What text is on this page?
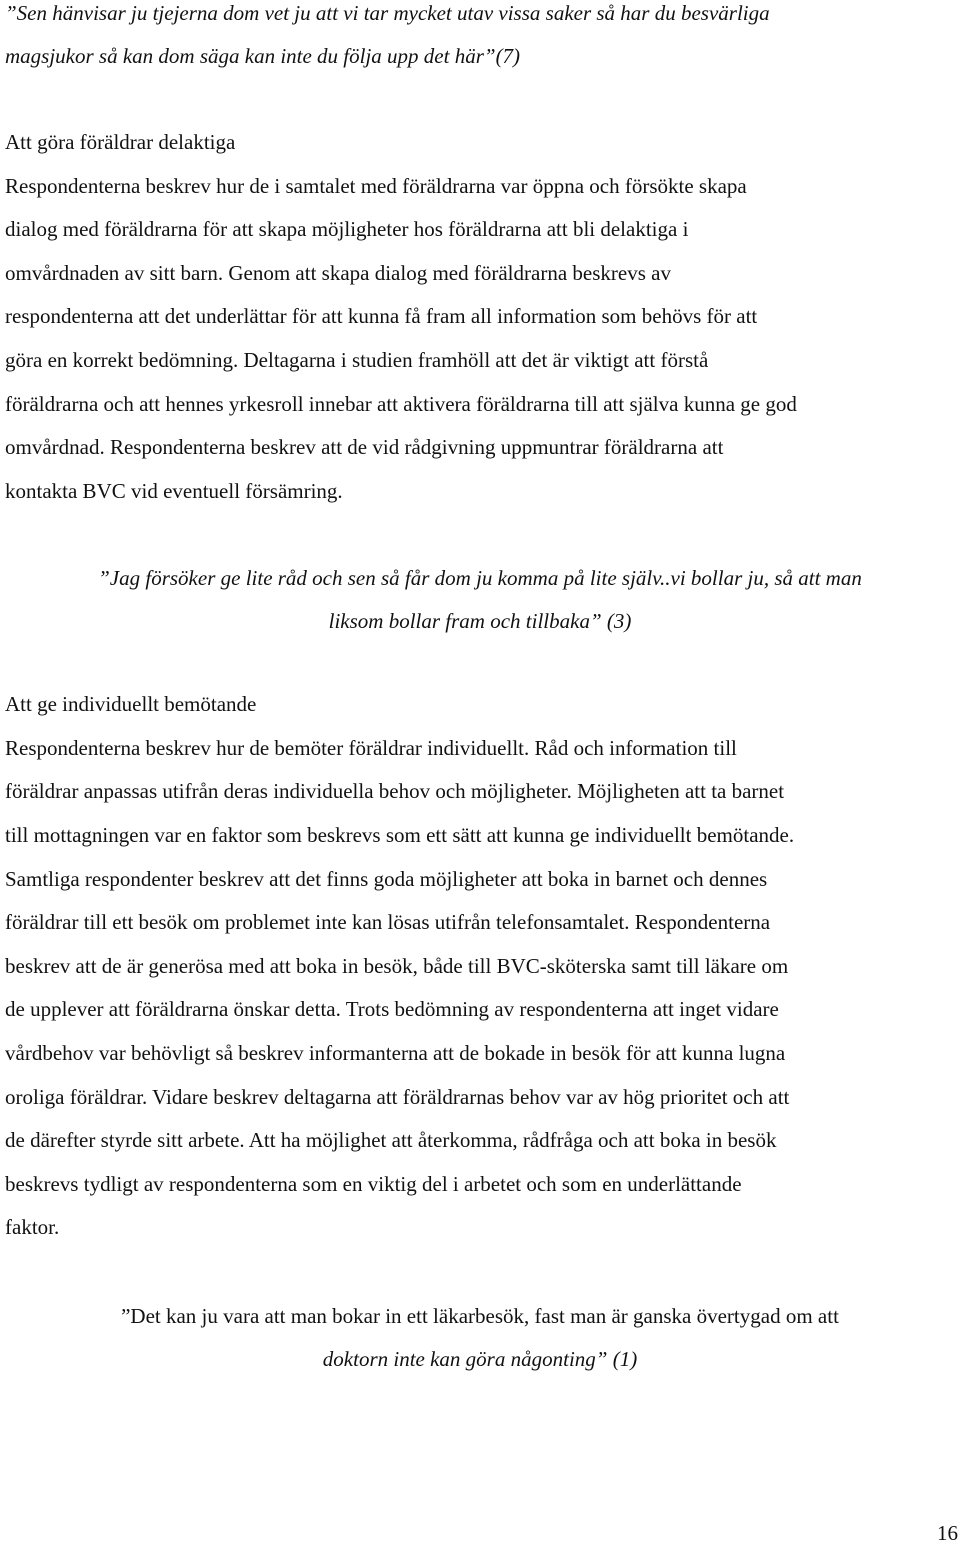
”Sen hänvisar ju tjejerna dom vet ju att vi tar mycket utav vissa saker så har du besvärliga
magsjukor så kan dom säga kan inte du följa upp det här”(7)
Att göra föräldrar delaktiga
Respondenterna beskrev hur de i samtalet med föräldrarna var öppna och försökte skapa
dialog med föräldrarna för att skapa möjligheter hos föräldrarna att bli delaktiga i
omvårdnaden av sitt barn. Genom att skapa dialog med föräldrarna beskrevs av
respondenterna att det underlättar för att kunna få fram all information som behövs för att
göra en korrekt bedömning. Deltagarna i studien framhöll att det är viktigt att förstå
föräldrarna och att hennes yrkesroll innebar att aktivera föräldrarna till att själva kunna ge god
omvårdnad. Respondenterna beskrev att de vid rådgivning uppmuntrar föräldrarna att
kontakta BVC vid eventuell försämring.
”Jag försöker ge lite råd och sen så får dom ju komma på lite själv..vi bollar ju, så att man
liksom bollar fram och tillbaka” (3)
Att ge individuellt bemötande
Respondenterna beskrev hur de bemöter föräldrar individuellt. Råd och information till
föräldrar anpassas utifrån deras individuella behov och möjligheter. Möjligheten att ta barnet
till mottagningen var en faktor som beskrevs som ett sätt att kunna ge individuellt bemötande.
Samtliga respondenter beskrev att det finns goda möjligheter att boka in barnet och dennes
föräldrar till ett besök om problemet inte kan lösas utifrån telefonsamtalet. Respondenterna
beskrev att de är generösa med att boka in besök, både till BVC-sköterska samt till läkare om
de upplever att föräldrarna önskar detta. Trots bedömning av respondenterna att inget vidare
vårdbehov var behövligt så beskrev informanterna att de bokade in besök för att kunna lugna
oroliga föräldrar. Vidare beskrev deltagarna att föräldrarnas behov var av hög prioritet och att
de därefter styrde sitt arbete. Att ha möjlighet att återkomma, rådfråga och att boka in besök
beskrevs tydligt av respondenterna som en viktig del i arbetet och som en underlättande
faktor.
”Det kan ju vara att man bokar in ett läkarbesök, fast man är ganska övertygad om att
doktorn inte kan göra någonting” (1)
16
